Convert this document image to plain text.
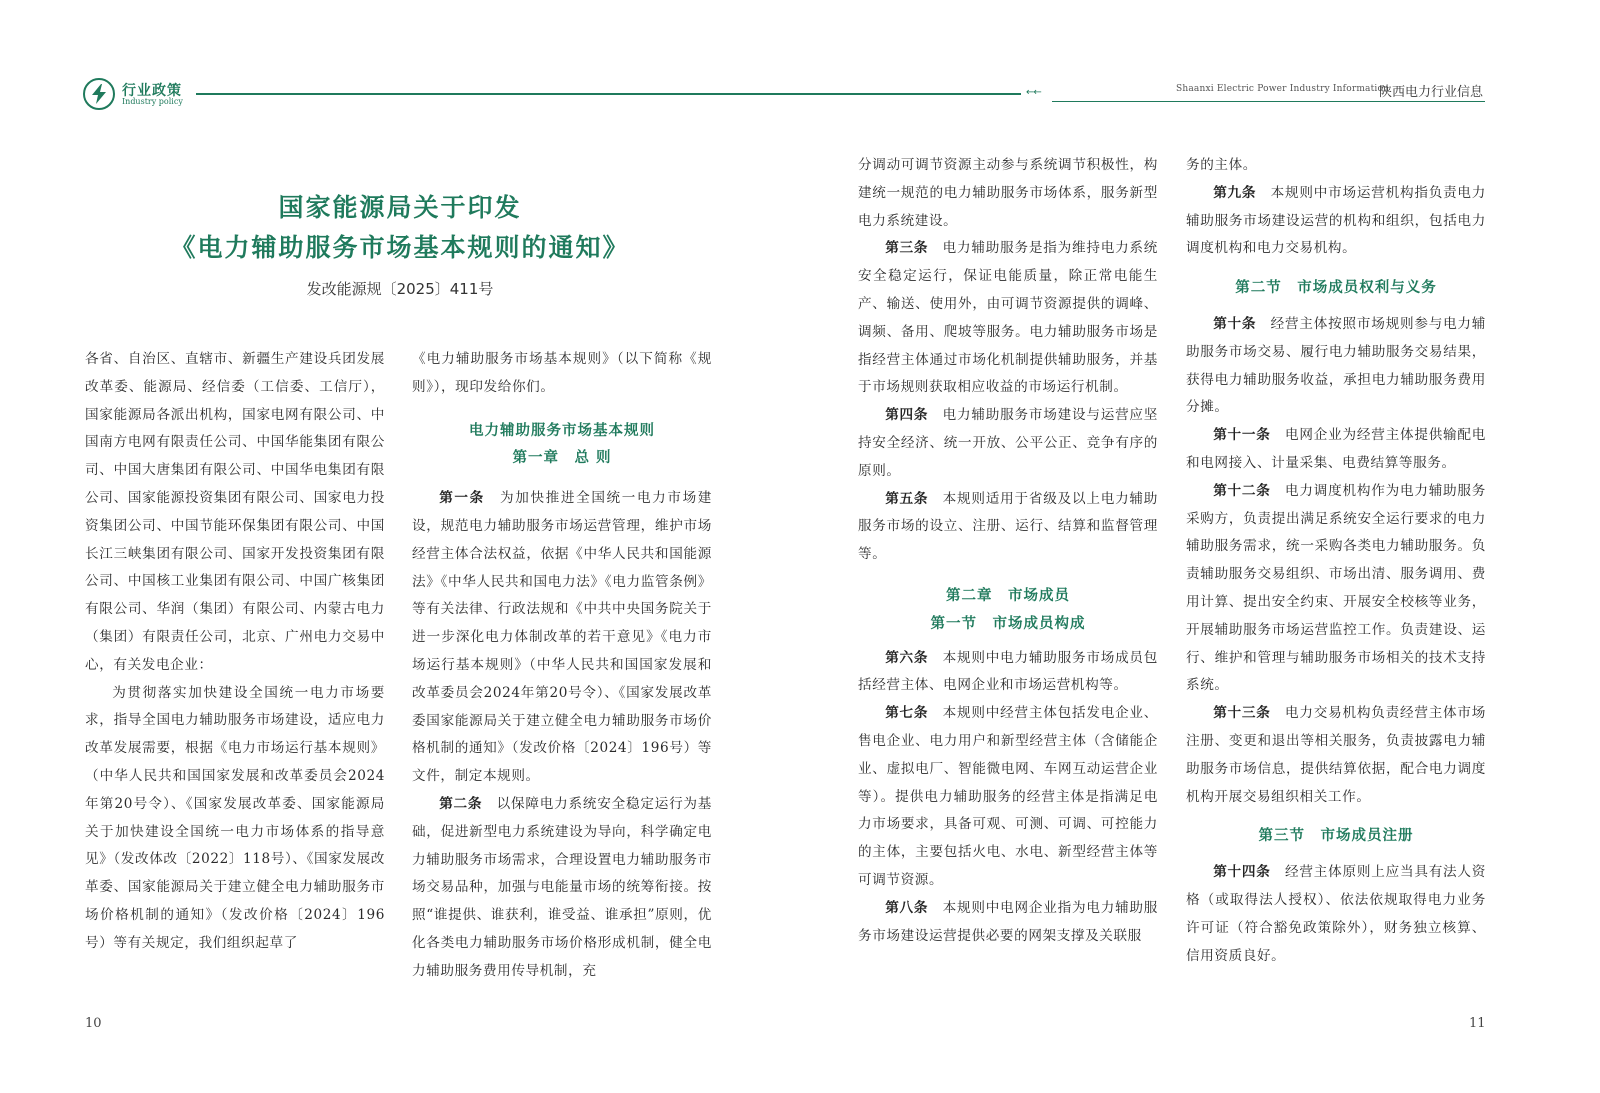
行业政策
Industry policy
←←	Shaanxi Electric Power Industry Information
陕西电力行业信息
国家能源局关于印发
《电力辅助服务市场基本规则的通知》
发改能源规〔2025〕411号

各省、自治区、直辖市、新疆生产建设兵团发展改革委、能源局、经信委（工信委、工信厅），国家能源局各派出机构，国家电网有限公司、中国南方电网有限责任公司、中国华能集团有限公司、中国大唐集团有限公司、中国华电集团有限公司、国家能源投资集团有限公司、国家电力投资集团公司、中国节能环保集团有限公司、中国长江三峡集团有限公司、国家开发投资集团有限公司、中国核工业集团有限公司、中国广核集团有限公司、华润（集团）有限公司、内蒙古电力（集团）有限责任公司，北京、广州电力交易中心，有关发电企业：

为贯彻落实加快建设全国统一电力市场要求，指导全国电力辅助服务市场建设，适应电力改革发展需要，根据《电力市场运行基本规则》（中华人民共和国国家发展和改革委员会2024年第20号令）、《国家发展改革委、国家能源局关于加快建设全国统一电力市场体系的指导意见》（发改体改〔2022〕118号）、《国家发展改革委、国家能源局关于建立健全电力辅助服务市场价格机制的通知》（发改价格〔2024〕196号）等有关规定，我们组织起草了

《电力辅助服务市场基本规则》（以下简称《规则》），现印发给你们。

电力辅助服务市场基本规则

第一章　总 则

第一条　 为加快推进全国统一电力市场建设，规范电力辅助服务市场运营管理，维护市场经营主体合法权益，依据《中华人民共和国能源法》《中华人民共和国电力法》《电力监管条例》等有关法律、行政法规和《中共中央国务院关于进一步深化电力体制改革的若干意见》《电力市场运行基本规则》（中华人民共和国国家发展和改革委员会2024年第20号令）、《国家发展改革委国家能源局关于建立健全电力辅助服务市场价格机制的通知》（发改价格〔2024〕196号）等文件，制定本规则。

第二条　 以保障电力系统安全稳定运行为基础，促进新型电力系统建设为导向，科学确定电力辅助服务市场需求，合理设置电力辅助服务市场交易品种，加强与电能量市场的统筹衔接。按照“谁提供、谁获利，谁受益、谁承担”原则，优化各类电力辅助服务市场价格形成机制，健全电力辅助服务费用传导机制，充

分调动可调节资源主动参与系统调节积极性，构建统一规范的电力辅助服务市场体系，服务新型电力系统建设。

第三条　 电力辅助服务是指为维持电力系统安全稳定运行，保证电能质量，除正常电能生产、输送、使用外，由可调节资源提供的调峰、调频、备用、爬坡等服务。电力辅助服务市场是指经营主体通过市场化机制提供辅助服务，并基于市场规则获取相应收益的市场运行机制。

第四条　 电力辅助服务市场建设与运营应坚持安全经济、统一开放、公平公正、竞争有序的原则。

第五条　 本规则适用于省级及以上电力辅助服务市场的设立、注册、运行、结算和监督管理等。

第二章　市场成员

第一节　市场成员构成

第六条　 本规则中电力辅助服务市场成员包括经营主体、电网企业和市场运营机构等。

第七条　 本规则中经营主体包括发电企业、售电企业、电力用户和新型经营主体（含储能企业、虚拟电厂、智能微电网、车网互动运营企业等）。提供电力辅助服务的经营主体是指满足电力市场要求，具备可观、可测、可调、可控能力的主体，主要包括火电、水电、新型经营主体等可调节资源。

第八条　 本规则中电网企业指为电力辅助服务市场建设运营提供必要的网架支撑及关联服

务的主体。

第九条　 本规则中市场运营机构指负责电力辅助服务市场建设运营的机构和组织，包括电力调度机构和电力交易机构。

第二节　市场成员权利与义务

第十条　 经营主体按照市场规则参与电力辅助服务市场交易、履行电力辅助服务交易结果，获得电力辅助服务收益，承担电力辅助服务费用分摊。

第十一条　 电网企业为经营主体提供输配电和电网接入、计量采集、电费结算等服务。

第十二条　 电力调度机构作为电力辅助服务采购方，负责提出满足系统安全运行要求的电力辅助服务需求，统一采购各类电力辅助服务。负责辅助服务交易组织、市场出清、服务调用、费用计算、提出安全约束、开展安全校核等业务，开展辅助服务市场运营监控工作。负责建设、运行、维护和管理与辅助服务市场相关的技术支持系统。

第十三条　 电力交易机构负责经营主体市场注册、变更和退出等相关服务，负责披露电力辅助服务市场信息，提供结算依据，配合电力调度机构开展交易组织相关工作。

第三节　市场成员注册

第十四条　 经营主体原则上应当具有法人资格（或取得法人授权）、依法依规取得电力业务许可证（符合豁免政策除外），财务独立核算、信用资质良好。

10	11
